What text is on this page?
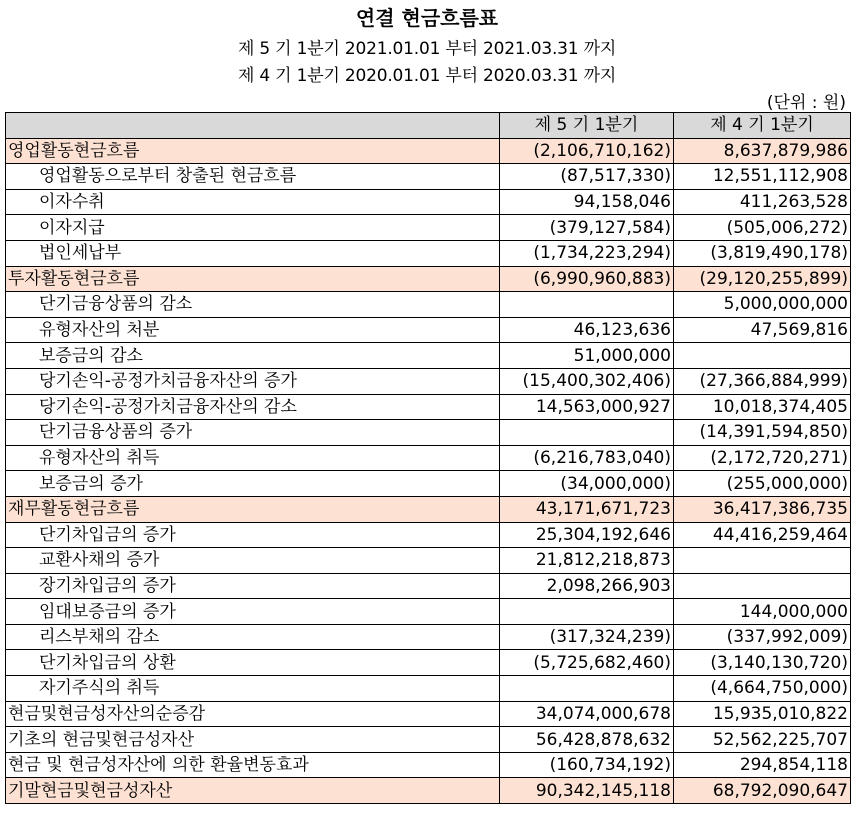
연결 현금흐름표
제 5 기 1분기 2021.01.01 부터 2021.03.31 까지
제 4 기 1분기 2020.01.01 부터 2020.03.31 까지
(단위 : 원)
	제 5 기 1분기	제 4 기 1분기
영업활동현금흐름	(2,106,710,162)	8,637,879,986
영업활동으로부터 창출된 현금흐름	(87,517,330)	12,551,112,908
이자수취	94,158,046	411,263,528
이자지급	(379,127,584)	(505,006,272)
법인세납부	(1,734,223,294)	(3,819,490,178)
투자활동현금흐름	(6,990,960,883)	(29,120,255,899)
단기금융상품의 감소		5,000,000,000
유형자산의 처분	46,123,636	47,569,816
보증금의 감소	51,000,000	
당기손익-공정가치금융자산의 증가	(15,400,302,406)	(27,366,884,999)
당기손익-공정가치금융자산의 감소	14,563,000,927	10,018,374,405
단기금융상품의 증가		(14,391,594,850)
유형자산의 취득	(6,216,783,040)	(2,172,720,271)
보증금의 증가	(34,000,000)	(255,000,000)
재무활동현금흐름	43,171,671,723	36,417,386,735
단기차입금의 증가	25,304,192,646	44,416,259,464
교환사채의 증가	21,812,218,873	
장기차입금의 증가	2,098,266,903	
임대보증금의 증가		144,000,000
리스부채의 감소	(317,324,239)	(337,992,009)
단기차입금의 상환	(5,725,682,460)	(3,140,130,720)
자기주식의 취득		(4,664,750,000)
현금및현금성자산의순증감	34,074,000,678	15,935,010,822
기초의 현금및현금성자산	56,428,878,632	52,562,225,707
현금 및 현금성자산에 의한 환율변동효과	(160,734,192)	294,854,118
기말현금및현금성자산	90,342,145,118	68,792,090,647
